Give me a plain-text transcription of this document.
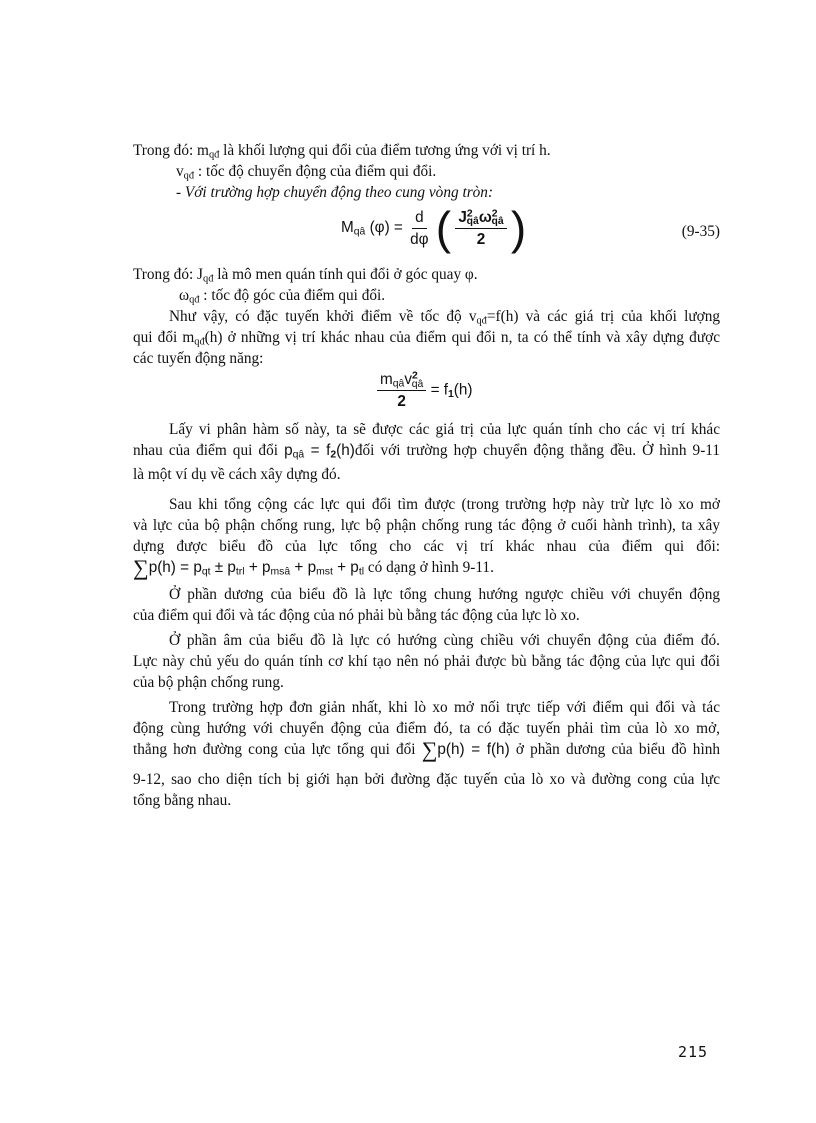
Trong đó: $m_{qđ}$ là khối lượng qui đổi của điểm tương ứng với vị trí h.
$v_{qđ}$ : tốc độ chuyển động của điểm qui đổi.
- Với trường hợp chuyển động theo cung vòng tròn:
$M_{qâ}$ $(\varphi) = \frac{d}{d\varphi}$ ( $\frac{J^2_{qâ}\omega^2_{qâ}}{2}$ )	(9-35)
Trong đó: $J_{qđ}$ là mô men quán tính qui đổi ở góc quay φ.
$\omega_{qđ}$ : tốc độ góc của điểm qui đổi.
Như vậy, có đặc tuyến khởi điểm về tốc độ $v_{qđ}=f(h)$ và các giá trị của khối lượng
qui đổi $m_{qđ}(h)$ ở những vị trí khác nhau của điểm qui đổi n, ta có thể tính và xây dựng được
các tuyến động năng:
$\frac{m_{qâ}v^2_{qâ}}{2} = f_1(h)$
Lấy vi phân hàm số này, ta sẽ được các giá trị của lực quán tính cho các vị trí khác
nhau của điểm qui đổi $p_{qâ}$ = $f_2(h)đối$ với trường hợp chuyển động thẳng đều. Ở hình 9-11
là một ví dụ về cách xây dựng đó.
Sau khi tổng cộng các lực qui đổi tìm được (trong trường hợp này trừ lực lò xo mở
và lực của bộ phận chống rung, lực bộ phận chống rung tác động ở cuối hành trình), ta xây
dựng được biểu đồ của lực tổng cho các vị trí khác nhau của điểm qui đổi:
$\sum p(h) = p_{qt} \pm p_{trl} + p_{msâ} + p_{mst} + p_{tl}$ có dạng ở hình 9-11.
Ở phần dương của biểu đồ là lực tổng chung hướng ngược chiều với chuyển động
của điểm qui đổi và tác động của nó phải bù bằng tác động của lực lò xo.
Ở phần âm của biểu đồ là lực có hướng cùng chiều với chuyển động của điểm đó.
Lực này chủ yếu do quán tính cơ khí tạo nên nó phải được bù bằng tác động của lực qui đổi
của bộ phận chống rung.
Trong trường hợp đơn giản nhất, khi lò xo mở nối trực tiếp với điểm qui đổi và tác
động cùng hướng với chuyển động của điểm đó, ta có đặc tuyến phải tìm của lò xo mở,
thẳng hơn đường cong của lực tổng qui đổi ∑p(h) = f(h) ở phần dương của biểu đồ hình
9-12, sao cho diện tích bị giới hạn bởi đường đặc tuyến của lò xo và đường cong của lực
tổng bằng nhau.
215
